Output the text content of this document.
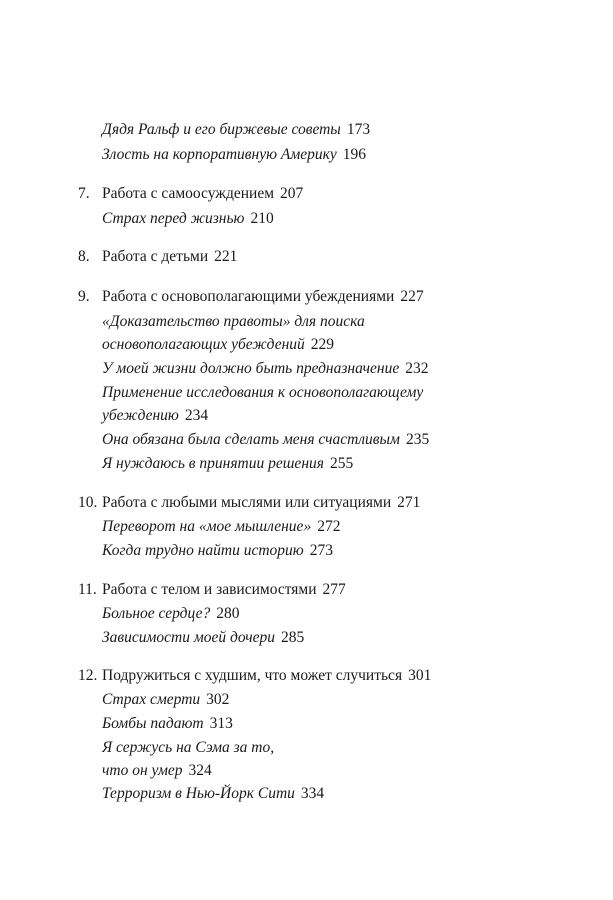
Дядя Ральф и его биржевые советы 173
Злость на корпоративную Америку 196
7. Работа с самоосуждением 207
Страх перед жизнью 210
8. Работа с детьми 221
9. Работа с основополагающими убеждениями 227
«Доказательство правоты» для поиска
основополагающих убеждений 229
У моей жизни должно быть предназначение 232
Применение исследования к основополагающему
убеждению 234
Она обязана была сделать меня счастливым 235
Я нуждаюсь в принятии решения 255
10. Работа с любыми мыслями или ситуациями 271
Переворот на «мое мышление» 272
Когда трудно найти историю 273
11. Работа с телом и зависимостями 277
Больное сердце? 280
Зависимости моей дочери 285
12. Подружиться с худшим, что может случиться 301
Страх смерти 302
Бомбы падают 313
Я сержусь на Сэма за то,
что он умер 324
Терроризм в Нью-Йорк Сити 334
